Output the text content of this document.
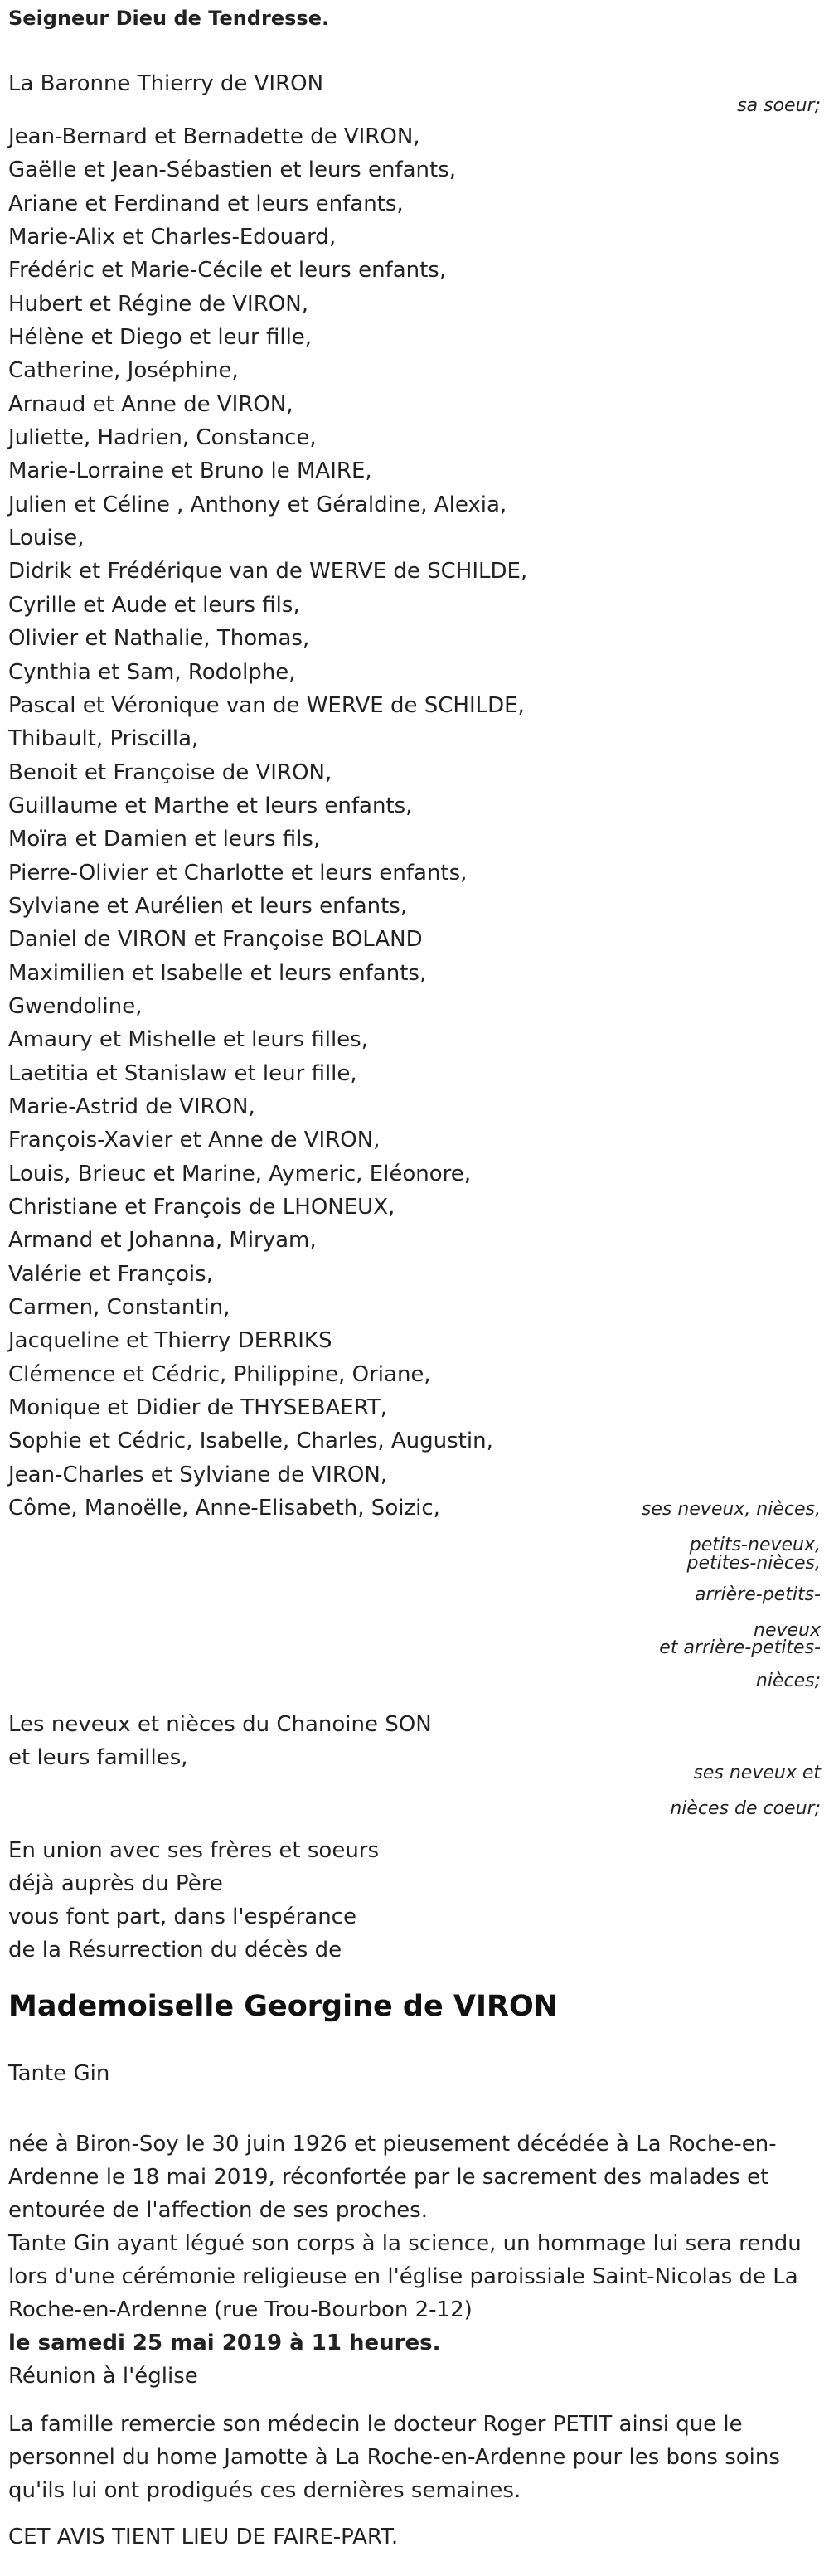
Seigneur Dieu de Tendresse.

La Baronne Thierry de VIRON

sa soeur;

Jean-Bernard et Bernadette de VIRON,
Gaëlle et Jean-Sébastien et leurs enfants,
Ariane et Ferdinand et leurs enfants,
Marie-Alix et Charles-Edouard,
Frédéric et Marie-Cécile et leurs enfants,
Hubert et Régine de VIRON,
Hélène et Diego et leur fille,
Catherine, Joséphine,
Arnaud et Anne de VIRON,
Juliette, Hadrien, Constance,
Marie-Lorraine et Bruno le MAIRE,
Julien et Céline , Anthony et Géraldine, Alexia,
Louise,
Didrik et Frédérique van de WERVE de SCHILDE,
Cyrille et Aude et leurs fils,
Olivier et Nathalie, Thomas,
Cynthia et Sam, Rodolphe,
Pascal et Véronique van de WERVE de SCHILDE,
Thibault, Priscilla,
Benoit et Françoise de VIRON,
Guillaume et Marthe et leurs enfants,
Moïra et Damien et leurs fils,
Pierre-Olivier et Charlotte et leurs enfants,
Sylviane et Aurélien et leurs enfants,
Daniel de VIRON et Françoise BOLAND
Maximilien et Isabelle et leurs enfants,
Gwendoline,
Amaury et Mishelle et leurs filles,
Laetitia et Stanislaw et leur fille,
Marie-Astrid de VIRON,
François-Xavier et Anne de VIRON,
Louis, Brieuc et Marine, Aymeric, Eléonore,
Christiane et François de LHONEUX,
Armand et Johanna, Miryam,
Valérie et François,
Carmen, Constantin,
Jacqueline et Thierry DERRIKS
Clémence et Cédric, Philippine, Oriane,
Monique et Didier de THYSEBAERT,
Sophie et Cédric, Isabelle, Charles, Augustin,
Jean-Charles et Sylviane de VIRON,
Côme, Manoëlle, Anne-Elisabeth, Soizic,	ses neveux, nièces,

petits-neveux,

petites-nièces,

arrière-petits-

neveux

et arrière-petites-

nièces;

Les neveux et nièces du Chanoine SON

et leurs familles,

ses neveux et

nièces de coeur;

En union avec ses frères et soeurs

déjà auprès du Père

vous font part, dans l'espérance

de la Résurrection du décès de

Mademoiselle Georgine de VIRON

Tante Gin

née à Biron-Soy le 30 juin 1926 et pieusement décédée à La Roche-en-Ardenne le 18 mai 2019, réconfortée par le sacrement des malades et entourée de l'affection de ses proches.

Tante Gin ayant légué son corps à la science, un hommage lui sera rendu lors d'une cérémonie religieuse en l'église paroissiale Saint-Nicolas de La Roche-en-Ardenne (rue Trou-Bourbon 2-12)

le samedi 25 mai 2019 à 11 heures.

Réunion à l'église

La famille remercie son médecin le docteur Roger PETIT ainsi que le personnel du home Jamotte à La Roche-en-Ardenne pour les bons soins qu'ils lui ont prodigués ces dernières semaines.

CET AVIS TIENT LIEU DE FAIRE-PART.
